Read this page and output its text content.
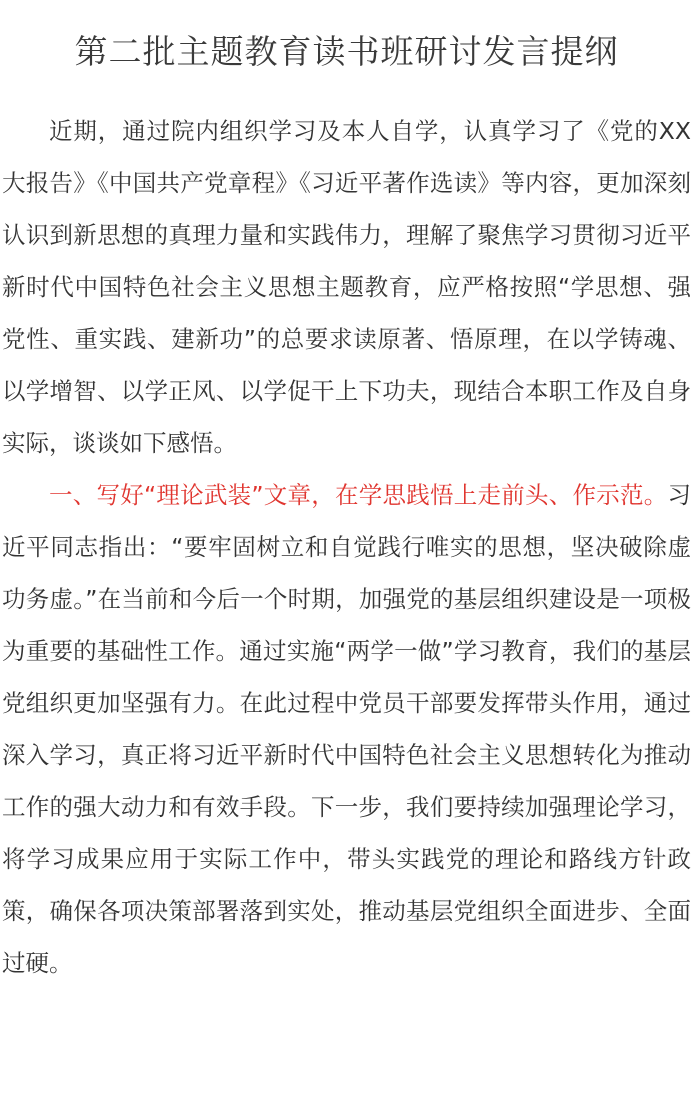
第二批主题教育读书班研讨发言提纲

近期，通过院内组织学习及本人自学，认真学习了《党的XX大报告》《中国共产党章程》《习近平著作选读》等内容，更加深刻认识到新思想的真理力量和实践伟力，理解了聚焦学习贯彻习近平新时代中国特色社会主义思想主题教育，应严格按照“学思想、强党性、重实践、建新功”的总要求读原著、悟原理，在以学铸魂、以学增智、以学正风、以学促干上下功夫，现结合本职工作及自身实际，谈谈如下感悟。

一、写好“理论武装”文章，在学思践悟上走前头、作示范。习近平同志指出：“要牢固树立和自觉践行唯实的思想，坚决破除虚功务虚。”在当前和今后一个时期，加强党的基层组织建设是一项极为重要的基础性工作。通过实施“两学一做”学习教育，我们的基层党组织更加坚强有力。在此过程中党员干部要发挥带头作用，通过深入学习，真正将习近平新时代中国特色社会主义思想转化为推动工作的强大动力和有效手段。下一步，我们要持续加强理论学习，将学习成果应用于实际工作中，带头实践党的理论和路线方针政策，确保各项决策部署落到实处，推动基层党组织全面进步、全面过硬。
